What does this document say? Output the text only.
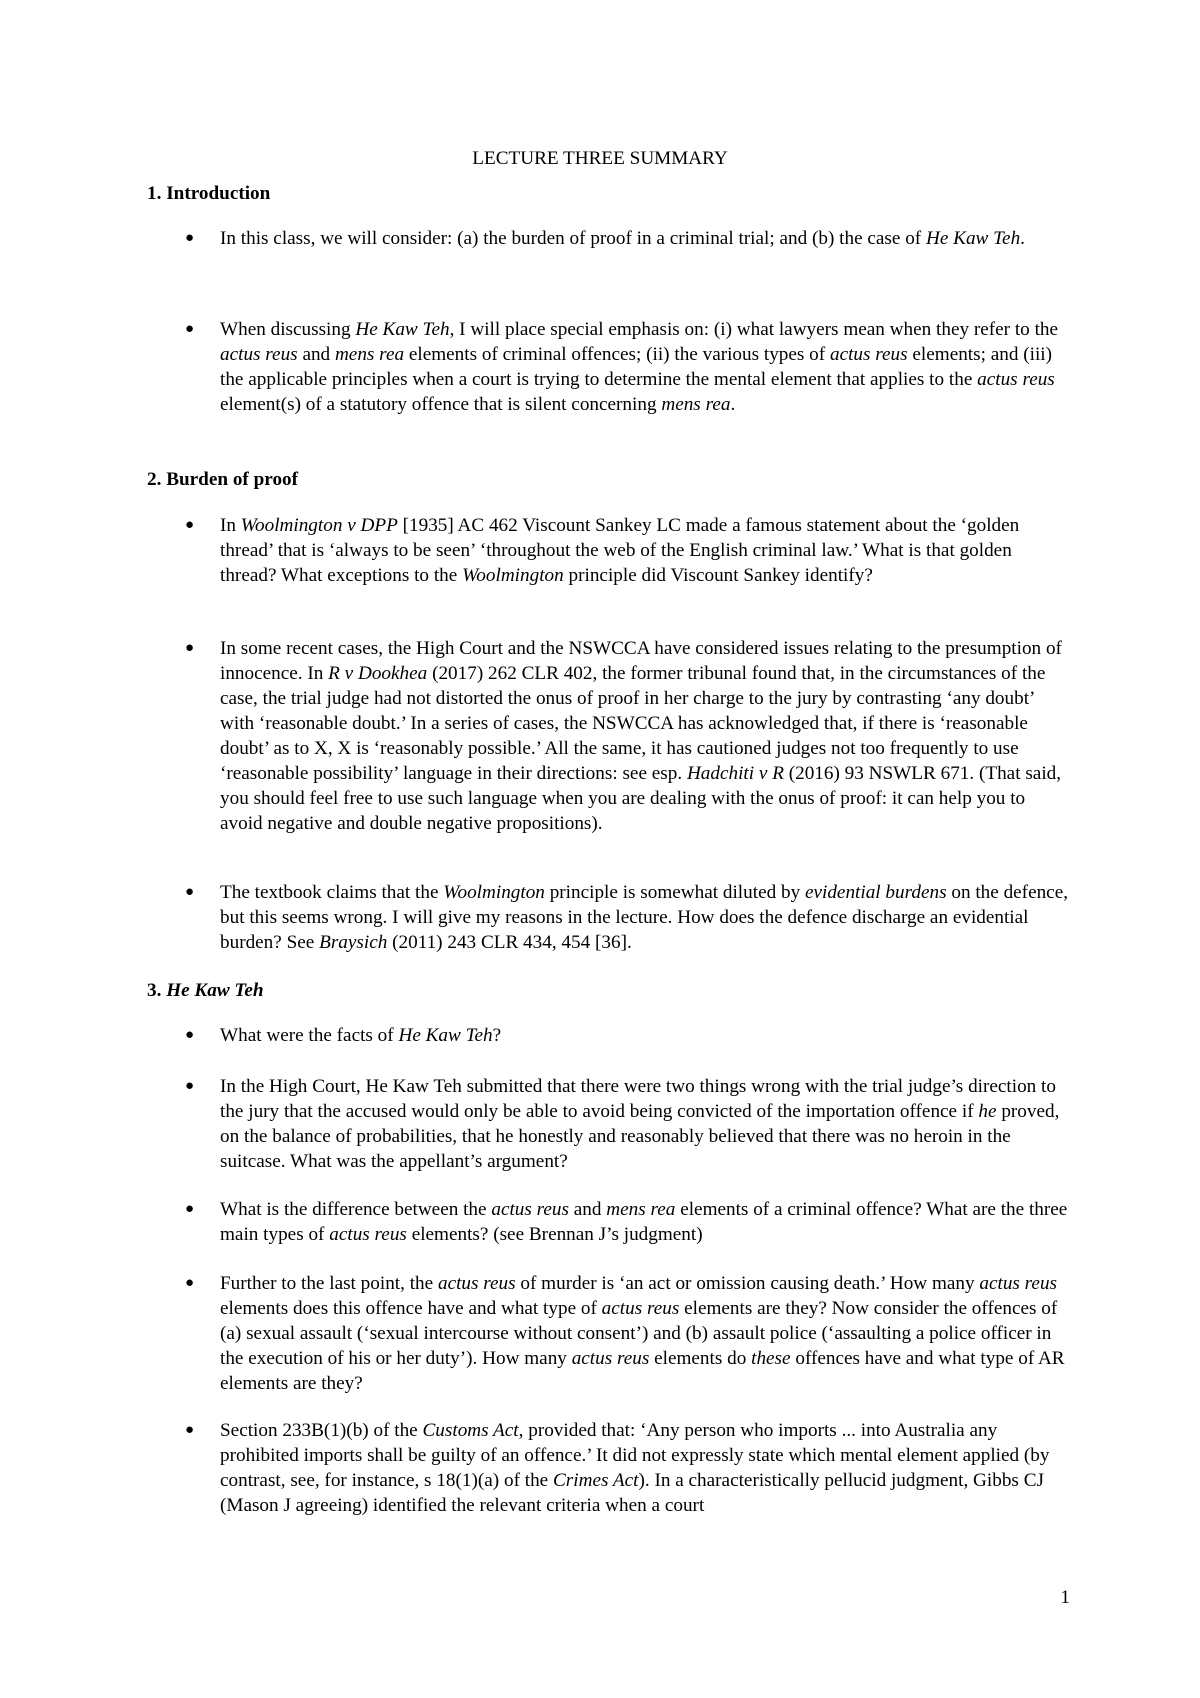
LECTURE THREE SUMMARY
1. Introduction
● In this class, we will consider: (a) the burden of proof in a criminal trial; and (b) the case of He Kaw Teh.

● When discussing He Kaw Teh, I will place special emphasis on: (i) what lawyers mean when they refer to the actus reus and mens rea elements of criminal offences; (ii) the various types of actus reus elements; and (iii) the applicable principles when a court is trying to determine the mental element that applies to the actus reus element(s) of a statutory offence that is silent concerning mens rea.

2. Burden of proof
● In Woolmington v DPP [1935] AC 462 Viscount Sankey LC made a famous statement about the ‘golden thread’ that is ‘always to be seen’ ‘throughout the web of the English criminal law.’ What is that golden thread? What exceptions to the Woolmington principle did Viscount Sankey identify?

● In some recent cases, the High Court and the NSWCCA have considered issues relating to the presumption of innocence. In R v Dookhea (2017) 262 CLR 402, the former tribunal found that, in the circumstances of the case, the trial judge had not distorted the onus of proof in her charge to the jury by contrasting ‘any doubt’ with ‘reasonable doubt.’ In a series of cases, the NSWCCA has acknowledged that, if there is ‘reasonable doubt’ as to X, X is ‘reasonably possible.’ All the same, it has cautioned judges not too frequently to use ‘reasonable possibility’ language in their directions: see esp. Hadchiti v R (2016) 93 NSWLR 671. (That said, you should feel free to use such language when you are dealing with the onus of proof: it can help you to avoid negative and double negative propositions).

● The textbook claims that the Woolmington principle is somewhat diluted by evidential burdens on the defence, but this seems wrong. I will give my reasons in the lecture. How does the defence discharge an evidential burden? See Braysich (2011) 243 CLR 434, 454 [36].

3. He Kaw Teh
● What were the facts of He Kaw Teh?

● In the High Court, He Kaw Teh submitted that there were two things wrong with the trial judge’s direction to the jury that the accused would only be able to avoid being convicted of the importation offence if he proved, on the balance of probabilities, that he honestly and reasonably believed that there was no heroin in the suitcase. What was the appellant’s argument?

● What is the difference between the actus reus and mens rea elements of a criminal offence? What are the three main types of actus reus elements? (see Brennan J’s judgment)

● Further to the last point, the actus reus of murder is ‘an act or omission causing death.’ How many actus reus elements does this offence have and what type of actus reus elements are they? Now consider the offences of (a) sexual assault (‘sexual intercourse without consent’) and (b) assault police (‘assaulting a police officer in the execution of his or her duty’). How many actus reus elements do these offences have and what type of AR elements are they?

● Section 233B(1)(b) of the Customs Act, provided that: ‘Any person who imports ... into Australia any prohibited imports shall be guilty of an offence.’ It did not expressly state which mental element applied (by contrast, see, for instance, s 18(1)(a) of the Crimes Act). In a characteristically pellucid judgment, Gibbs CJ (Mason J agreeing) identified the relevant criteria when a court

1
